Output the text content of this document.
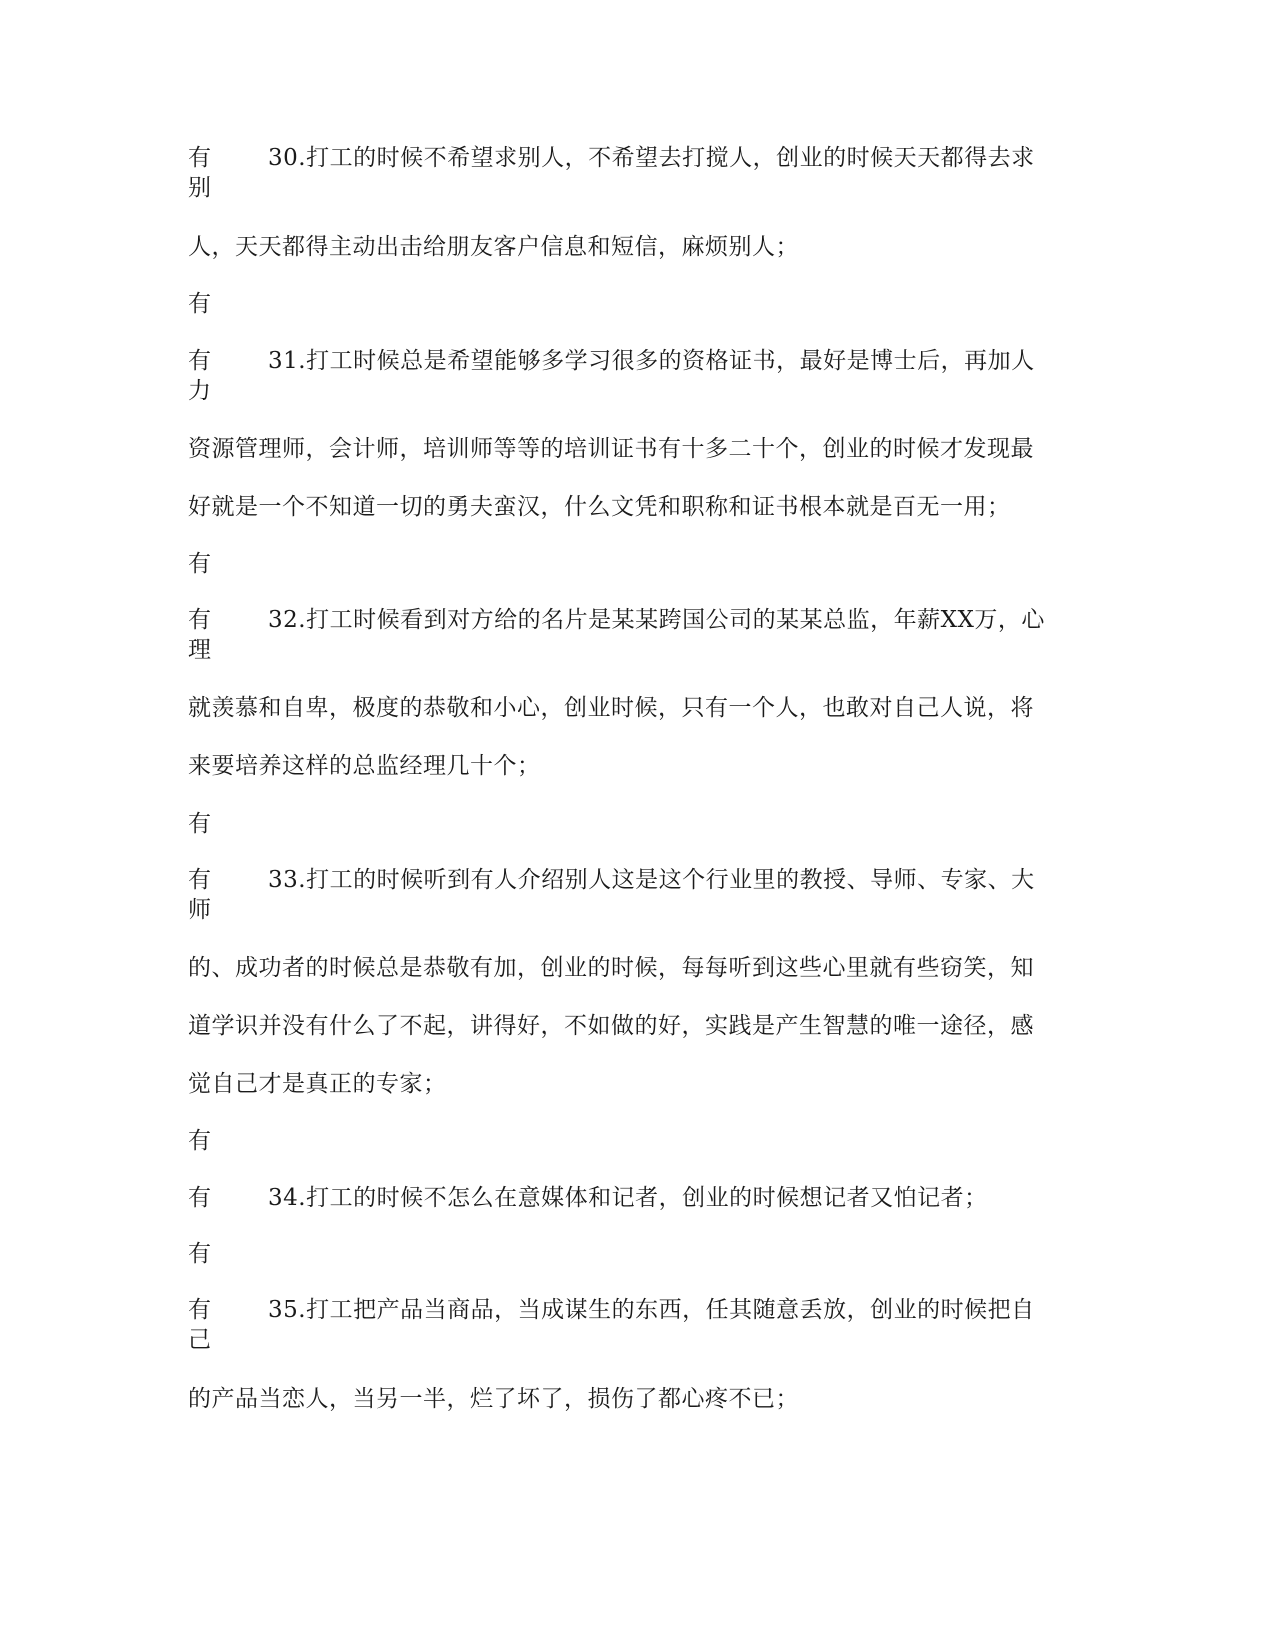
有 30.打工的时候不希望求别人，不希望去打搅人，创业的时候天天都得去求
别
人，天天都得主动出击给朋友客户信息和短信，麻烦别人；
有
有 31.打工时候总是希望能够多学习很多的资格证书，最好是博士后，再加人
力
资源管理师，会计师，培训师等等的培训证书有十多二十个，创业的时候才发现最
好就是一个不知道一切的勇夫蛮汉，什么文凭和职称和证书根本就是百无一用；
有
有 32.打工时候看到对方给的名片是某某跨国公司的某某总监，年薪XX万，心
理
就羡慕和自卑，极度的恭敬和小心，创业时候，只有一个人，也敢对自己人说，将
来要培养这样的总监经理几十个；
有
有 33.打工的时候听到有人介绍别人这是这个行业里的教授、导师、专家、大
师
的、成功者的时候总是恭敬有加，创业的时候，每每听到这些心里就有些窃笑，知
道学识并没有什么了不起，讲得好，不如做的好，实践是产生智慧的唯一途径，感
觉自己才是真正的专家；
有
有 34.打工的时候不怎么在意媒体和记者，创业的时候想记者又怕记者；
有
有 35.打工把产品当商品，当成谋生的东西，任其随意丢放，创业的时候把自
己
的产品当恋人，当另一半，烂了坏了，损伤了都心疼不已；
